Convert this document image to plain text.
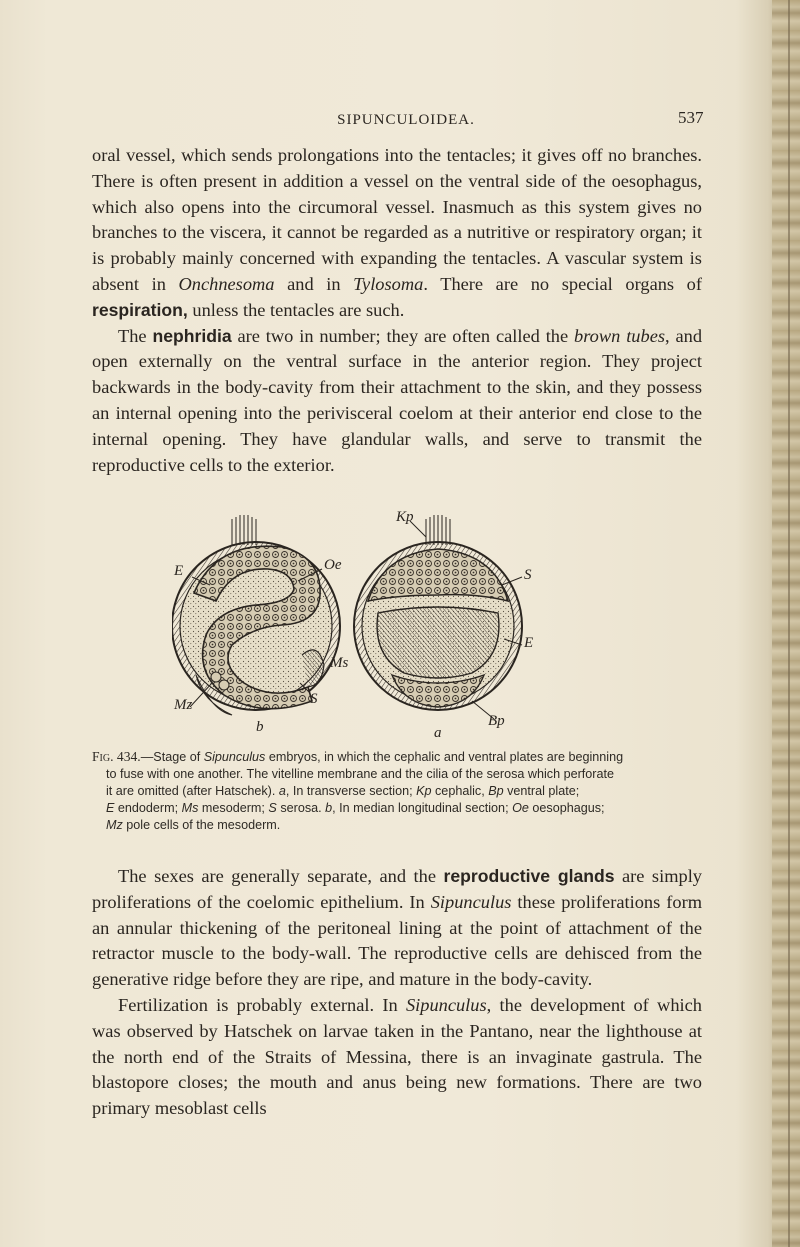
SIPUNCULOIDEA.	537

oral vessel, which sends prolongations into the tentacles; it gives off no branches. There is often present in addition a vessel on the ventral side of the oesophagus, which also opens into the circumoral vessel. Inasmuch as this system gives no branches to the viscera, it cannot be regarded as a nutritive or respiratory organ; it is probably mainly concerned with expanding the tentacles. A vascular system is absent in Onchnesoma and in Tylosoma. There are no special organs of respiration, unless the tentacles are such.

The nephridia are two in number; they are often called the brown tubes, and open externally on the ventral surface in the anterior region. They project backwards in the body-cavity from their attachment to the skin, and they possess an internal opening into the perivisceral coelom at their anterior end close to the internal opening. They have glandular walls, and serve to transmit the reproductive cells to the exterior.

E	Oe
Ms
Mz	S
b
Kp
S
E
Bp
a
Fig. 434.—Stage of Sipunculus embryos, in which the cephalic and ventral plates are beginning
to fuse with one another. The vitelline membrane and the cilia of the serosa which perforate
it are omitted (after Hatschek). a, In transverse section; Kp cephalic, Bp ventral plate;
E endoderm; Ms mesoderm; S serosa. b, In median longitudinal section; Oe oesophagus;
Mz pole cells of the mesoderm.

The sexes are generally separate, and the reproductive glands are simply proliferations of the coelomic epithelium. In Sipunculus these proliferations form an annular thickening of the peritoneal lining at the point of attachment of the retractor muscle to the body-wall. The reproductive cells are dehisced from the generative ridge before they are ripe, and mature in the body-cavity.

Fertilization is probably external. In Sipunculus, the development of which was observed by Hatschek on larvae taken in the Pantano, near the lighthouse at the north end of the Straits of Messina, there is an invaginate gastrula. The blastopore closes; the mouth and anus being new formations. There are two primary mesoblast cells
